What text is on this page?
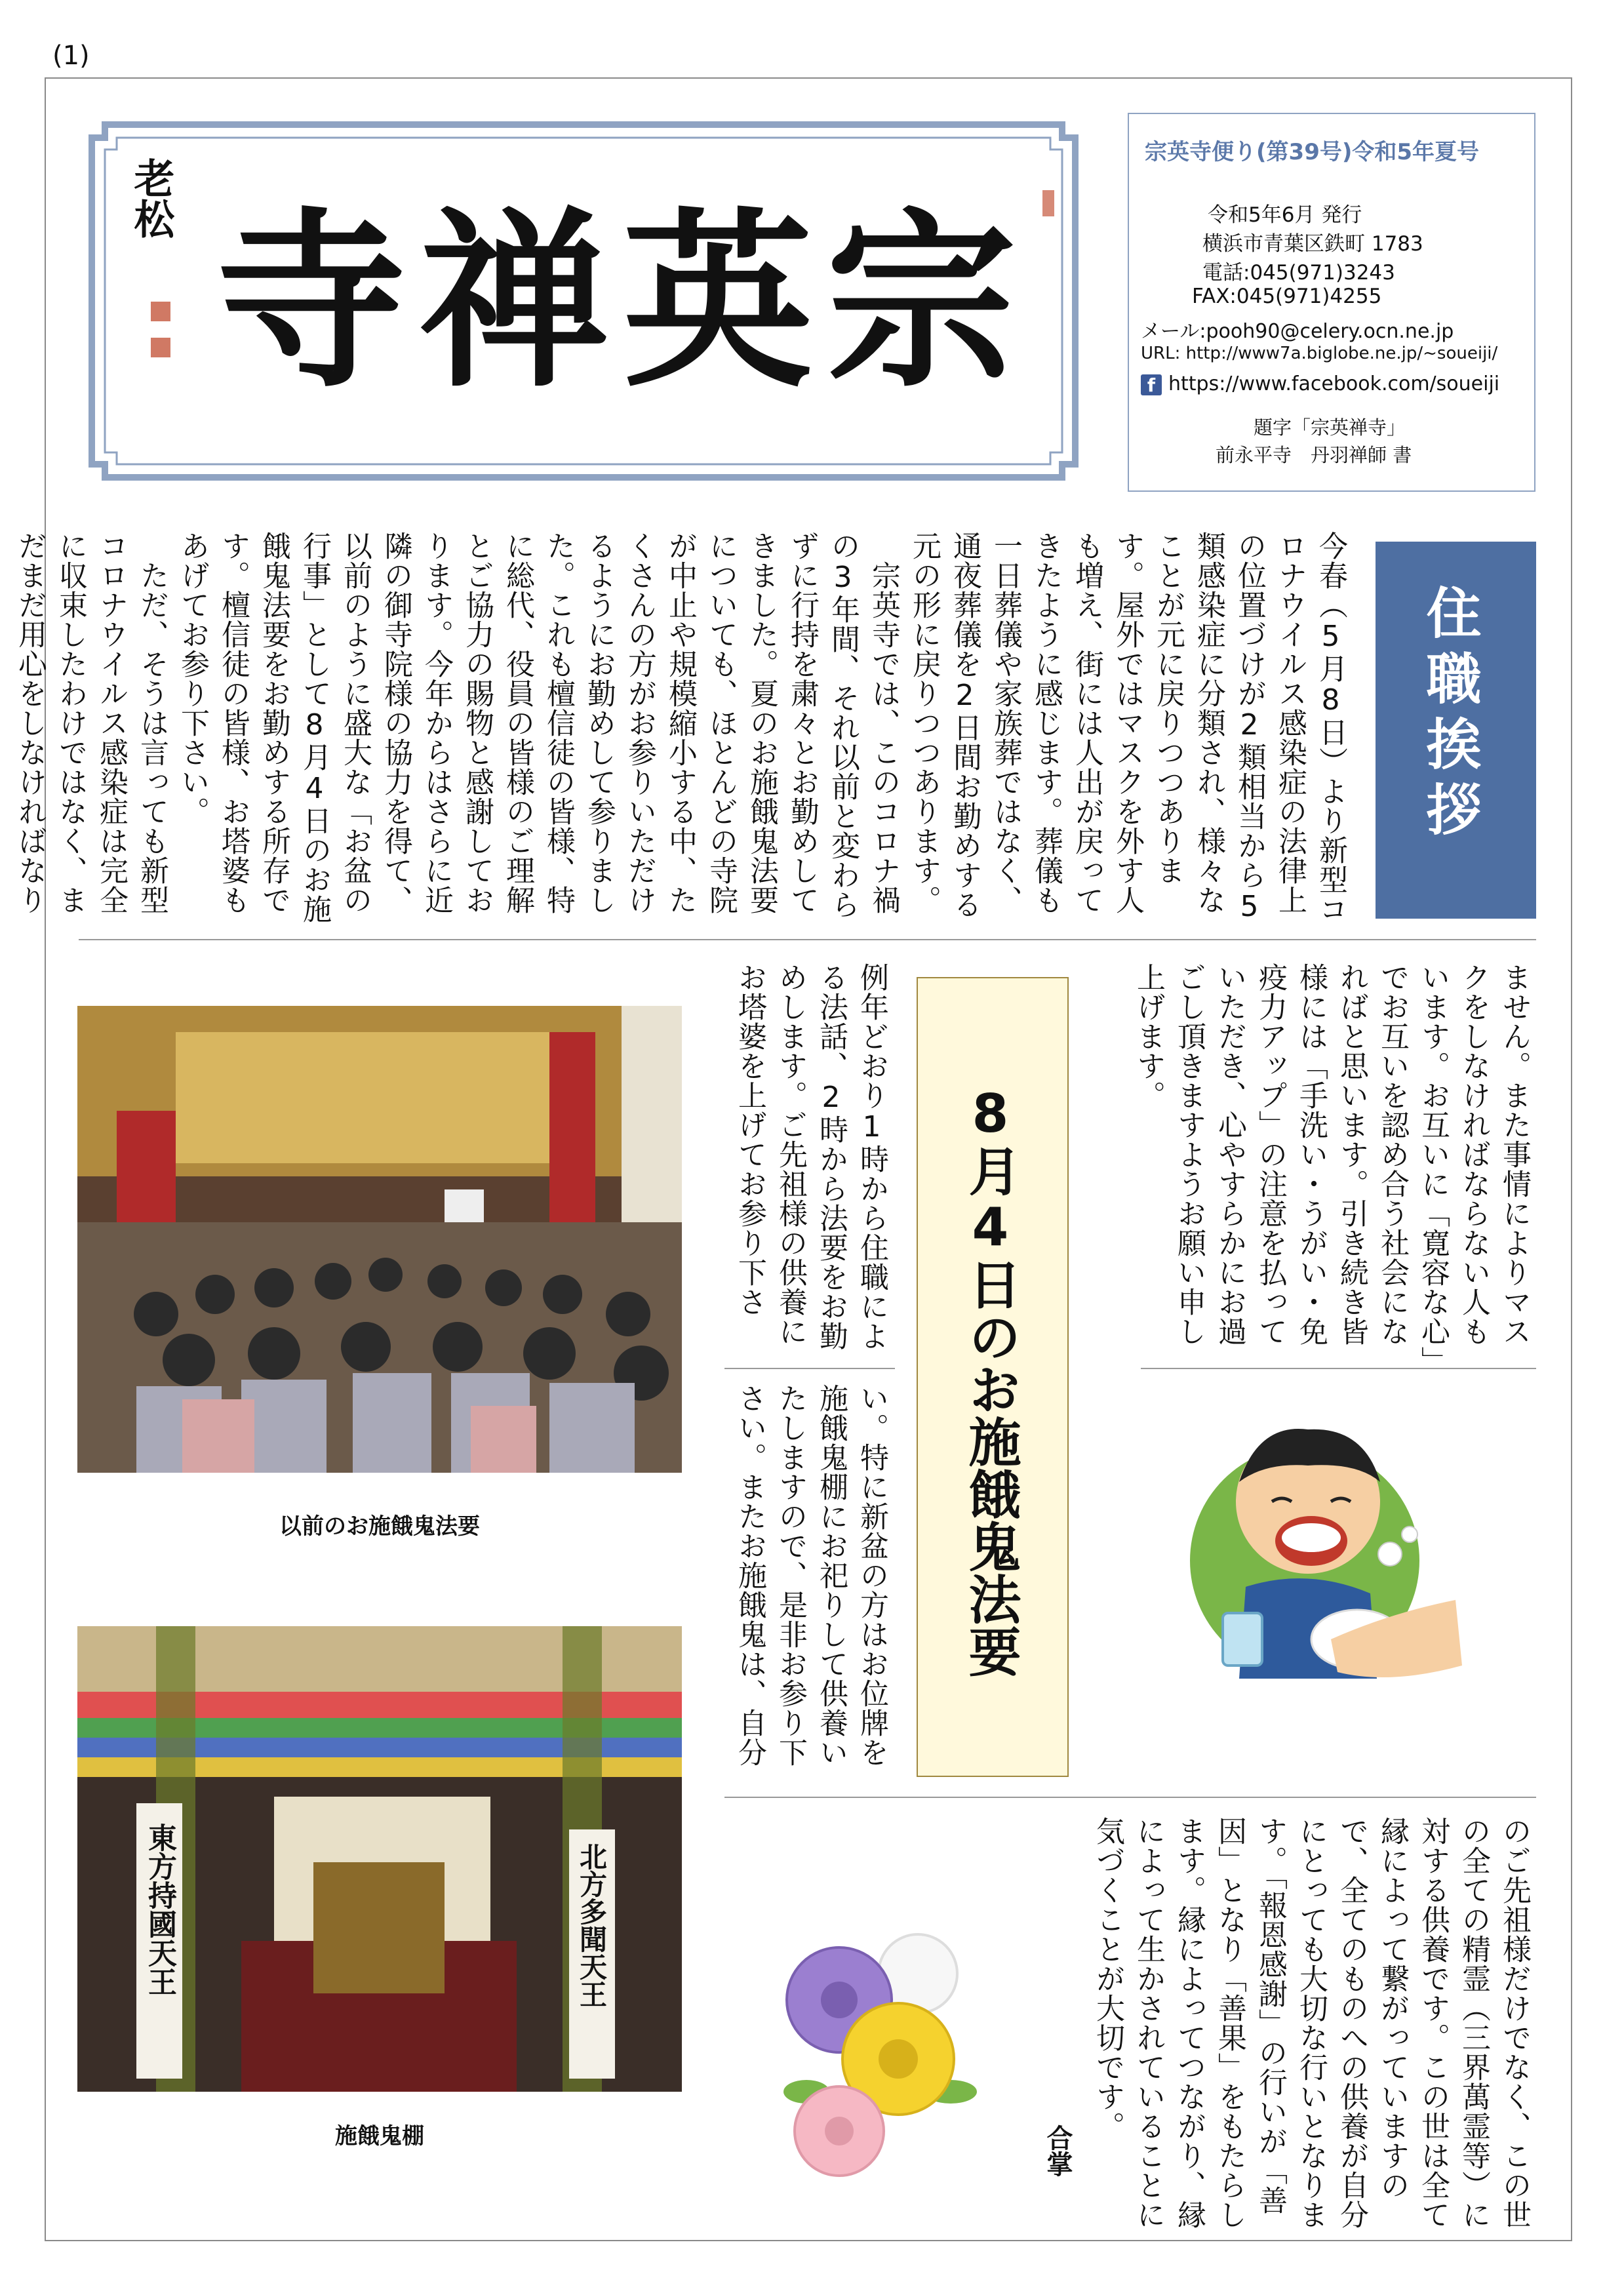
(1)
老松 宗英禅寺
宗英寺便り(第39号)令和5年夏号
令和5年6月 発行
横浜市青葉区鉄町 1783
電話:045(971)3243
FAX:045(971)4255
メール:pooh90@celery.ocn.ne.jp
URL: http://www7a.biglobe.ne.jp/~soueiji/
f https://www.facebook.com/soueiji
題字「宗英禅寺」
前永平寺　丹羽禅師 書
住職挨拶
今春（5月8日）より新型コロナウイルス感染症の法律上の位置づけが2類相当から5類感染症に分類され、様々なことが元に戻りつつあります。屋外ではマスクを外す人も増え、街には人出が戻ってきたように感じます。葬儀も一日葬儀や家族葬ではなく、通夜葬儀を2日間お勤めする元の形に戻りつつあります。
　宗英寺では、このコロナ禍の3年間、それ以前と変わらずに行持を粛々とお勤めしてきました。夏のお施餓鬼法要についても、ほとんどの寺院が中止や規模縮小する中、たくさんの方がお参りいただけるようにお勤めして参りました。これも檀信徒の皆様、特に総代、役員の皆様のご理解とご協力の賜物と感謝しております。今年からはさらに近隣の御寺院様の協力を得て、以前のように盛大な「お盆の行事」として8月4日のお施餓鬼法要をお勤めする所存です。檀信徒の皆様、お塔婆もあげてお参り下さい。
　ただ、そうは言っても新型コロナウイルス感染症は完全に収束したわけではなく、まだまだ用心をしなければなり
ません。また事情によりマスクをしなければならない人もいます。お互いに「寛容な心」でお互いを認め合う社会になればと思います。引き続き皆様には「手洗い・うがい・免疫力アップ」の注意を払っていただき、心やすらかにお過ごし頂きますようお願い申し上げます。
8月4日のお施餓鬼法要
例年どおり1時から住職による法話、2時から法要をお勤めします。ご先祖様の供養にお塔婆を上げてお参り下さ
い。特に新盆の方はお位牌を施餓鬼棚にお祀りして供養いたしますので、是非お参り下さい。またお施餓鬼は、自分
のご先祖様だけでなく、この世の全ての精霊（三界萬霊等）に対する供養です。この世は全て縁によって繋がっていますので、全てのものへの供養が自分にとっても大切な行いとなります。「報恩感謝」の行いが「善因」となり「善果」をもたらします。縁によってつながり、縁によって生かされていることに気づくことが大切です。
合掌
以前のお施餓鬼法要
東方持國天王	北方多聞天王
施餓鬼棚
